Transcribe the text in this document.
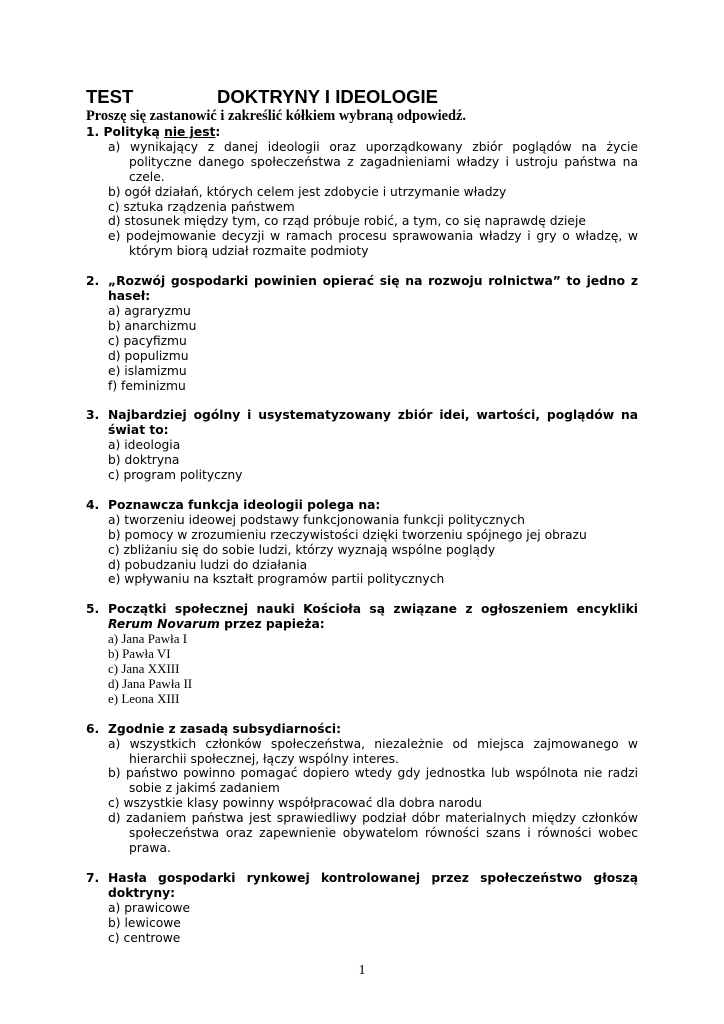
TEST	DOKTRYNY I IDEOLOGIE
Proszę się zastanowić i zakreślić kółkiem wybraną odpowiedź.
1. Polityką nie jest:
a) wynikający z danej ideologii oraz uporządkowany zbiór poglądów na życie polityczne danego społeczeństwa z zagadnieniami władzy i ustroju państwa na czele.
b) ogół działań, których celem jest zdobycie i utrzymanie władzy
c) sztuka rządzenia państwem
d) stosunek między tym, co rząd próbuje robić, a tym, co się naprawdę dzieje
e) podejmowanie decyzji w ramach procesu sprawowania władzy i gry o władzę, w którym biorą udział rozmaite podmioty
2. „Rozwój gospodarki powinien opierać się na rozwoju rolnictwa” to jedno z haseł:
a) agraryzmu
b) anarchizmu
c) pacyfizmu
d) populizmu
e) islamizmu
f) feminizmu
3. Najbardziej ogólny i usystematyzowany zbiór idei, wartości, poglądów na świat to:
a) ideologia
b) doktryna
c) program polityczny
4. Poznawcza funkcja ideologii polega na:
a) tworzeniu ideowej podstawy funkcjonowania funkcji politycznych
b) pomocy w zrozumieniu rzeczywistości dzięki tworzeniu spójnego jej obrazu
c) zbliżaniu się do sobie ludzi, którzy wyznają wspólne poglądy
d) pobudzaniu ludzi do działania
e) wpływaniu na kształt programów partii politycznych
5. Początki społecznej nauki Kościoła są związane z ogłoszeniem encykliki Rerum Novarum przez papieża:
a) Jana Pawła I
b) Pawła VI
c) Jana XXIII
d) Jana Pawła II
e) Leona XIII
6. Zgodnie z zasadą subsydiarności:
a) wszystkich członków społeczeństwa, niezależnie od miejsca zajmowanego w hierarchii społecznej, łączy wspólny interes.
b) państwo powinno pomagać dopiero wtedy gdy jednostka lub wspólnota nie radzi sobie z jakimś zadaniem
c) wszystkie klasy powinny współpracować dla dobra narodu
d) zadaniem państwa jest sprawiedliwy podział dóbr materialnych między członków społeczeństwa oraz zapewnienie obywatelom równości szans i równości wobec prawa.
7. Hasła gospodarki rynkowej kontrolowanej przez społeczeństwo głoszą doktryny:
a) prawicowe
b) lewicowe
c) centrowe
1
